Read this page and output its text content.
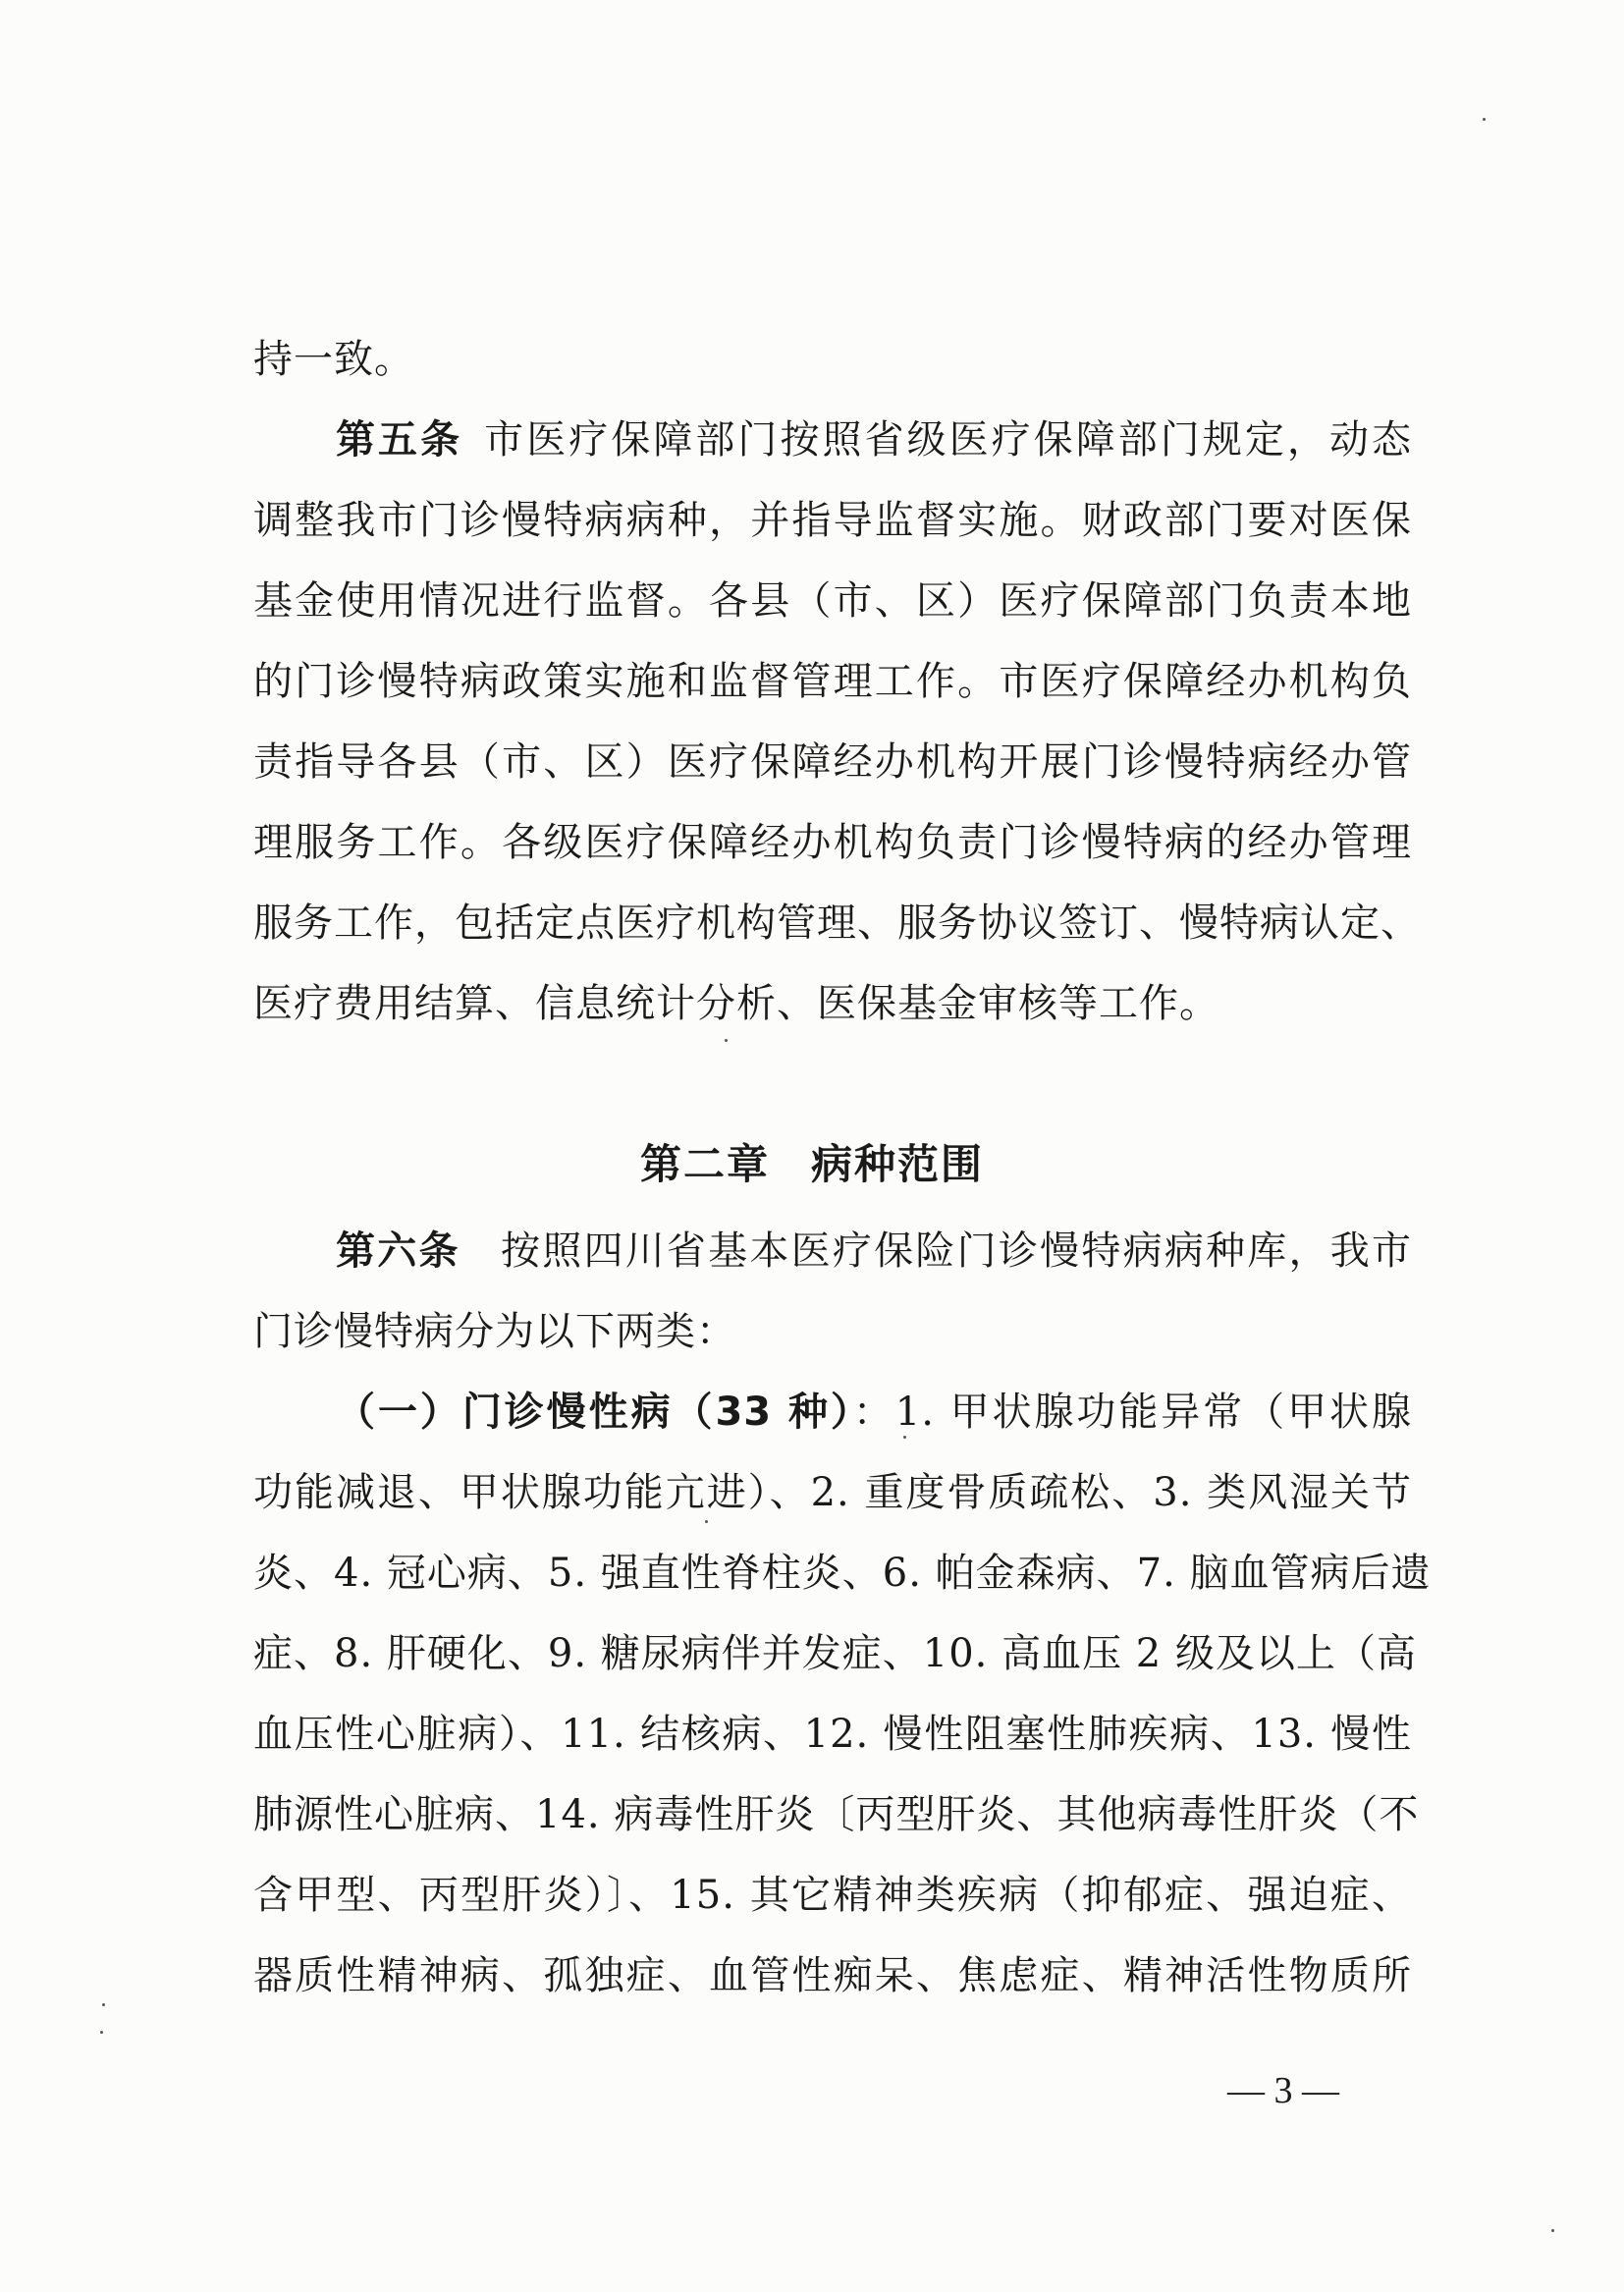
持一致。
第五条 市医疗保障部门按照省级医疗保障部门规定，动态
调整我市门诊慢特病病种，并指导监督实施。财政部门要对医保
基金使用情况进行监督。各县（市、区）医疗保障部门负责本地
的门诊慢特病政策实施和监督管理工作。市医疗保障经办机构负
责指导各县（市、区）医疗保障经办机构开展门诊慢特病经办管
理服务工作。各级医疗保障经办机构负责门诊慢特病的经办管理
服务工作，包括定点医疗机构管理、服务协议签订、慢特病认定、
医疗费用结算、信息统计分析、医保基金审核等工作。
第二章 病种范围
第六条 按照四川省基本医疗保险门诊慢特病病种库，我市
门诊慢特病分为以下两类：
（一）门诊慢性病（33 种）：1. 甲状腺功能异常（甲状腺
功能减退、甲状腺功能亢进）、2. 重度骨质疏松、3. 类风湿关节
炎、4. 冠心病、5. 强直性脊柱炎、6. 帕金森病、7. 脑血管病后遗
症、8. 肝硬化、9. 糖尿病伴并发症、10. 高血压 2 级及以上（高
血压性心脏病）、11. 结核病、12. 慢性阻塞性肺疾病、13. 慢性
肺源性心脏病、14. 病毒性肝炎〔丙型肝炎、其他病毒性肝炎（不
含甲型、丙型肝炎）〕、15. 其它精神类疾病（抑郁症、强迫症、
器质性精神病、孤独症、血管性痴呆、焦虑症、精神活性物质所
— 3 —
